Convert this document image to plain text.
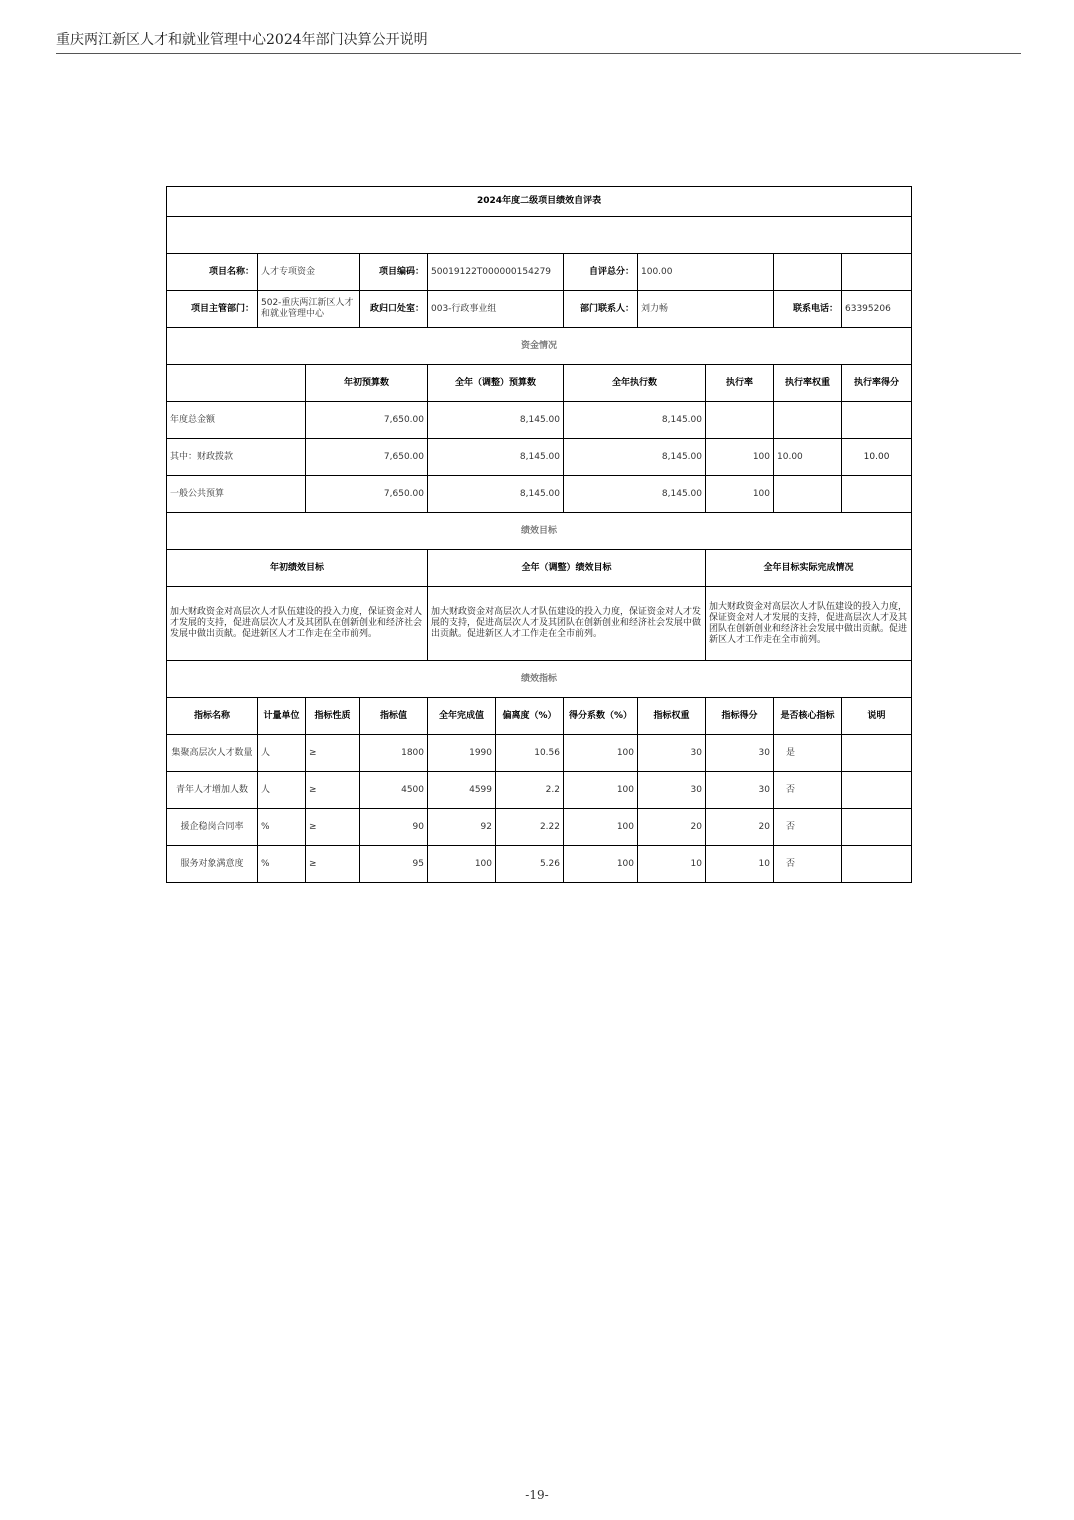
重庆两江新区人才和就业管理中心2024年部门决算公开说明
2024年度二级项目绩效自评表										

项目名称：	人才专项资金		项目编码：	50019122T000000154279		自评总分：	100.00			
项目主管部门：	502-重庆两江新区人才和就业管理中心		政归口处室：	003-行政事业组		部门联系人：	刘力畅		联系电话：	63395206
资金情况										
		年初预算数		全年（调整）预算数		全年执行数		执行率	执行率权重	执行率得分
年度总金额		7,650.00		8,145.00		8,145.00				
其中：财政拨款		7,650.00		8,145.00		8,145.00		100	10.00	10.00
一般公共预算		7,650.00		8,145.00		8,145.00		100		
绩效目标										
年初绩效目标				全年（调整）绩效目标				全年目标实际完成情况		
加大财政资金对高层次人才队伍建设的投入力度，保证资金对人才发展的支持，促进高层次人才及其团队在创新创业和经济社会发展中做出贡献。促进新区人才工作走在全市前列。				加大财政资金对高层次人才队伍建设的投入力度，保证资金对人才发展的支持，促进高层次人才及其团队在创新创业和经济社会发展中做出贡献。促进新区人才工作走在全市前列。				加大财政资金对高层次人才队伍建设的投入力度，保证资金对人才发展的支持，促进高层次人才及其团队在创新创业和经济社会发展中做出贡献。促进新区人才工作走在全市前列。		
绩效指标										
指标名称	计量单位	指标性质	指标值	全年完成值	偏离度（%）	得分系数（%）	指标权重	指标得分	是否核心指标	说明
集聚高层次人才数量	人	≥	1800	1990	10.56	100	30	30	是	
青年人才增加人数	人	≥	4500	4599	2.2	100	30	30	否	
援企稳岗合同率	%	≥	90	92	2.22	100	20	20	否	
服务对象满意度	%	≥	95	100	5.26	100	10	10	否	
-19-
